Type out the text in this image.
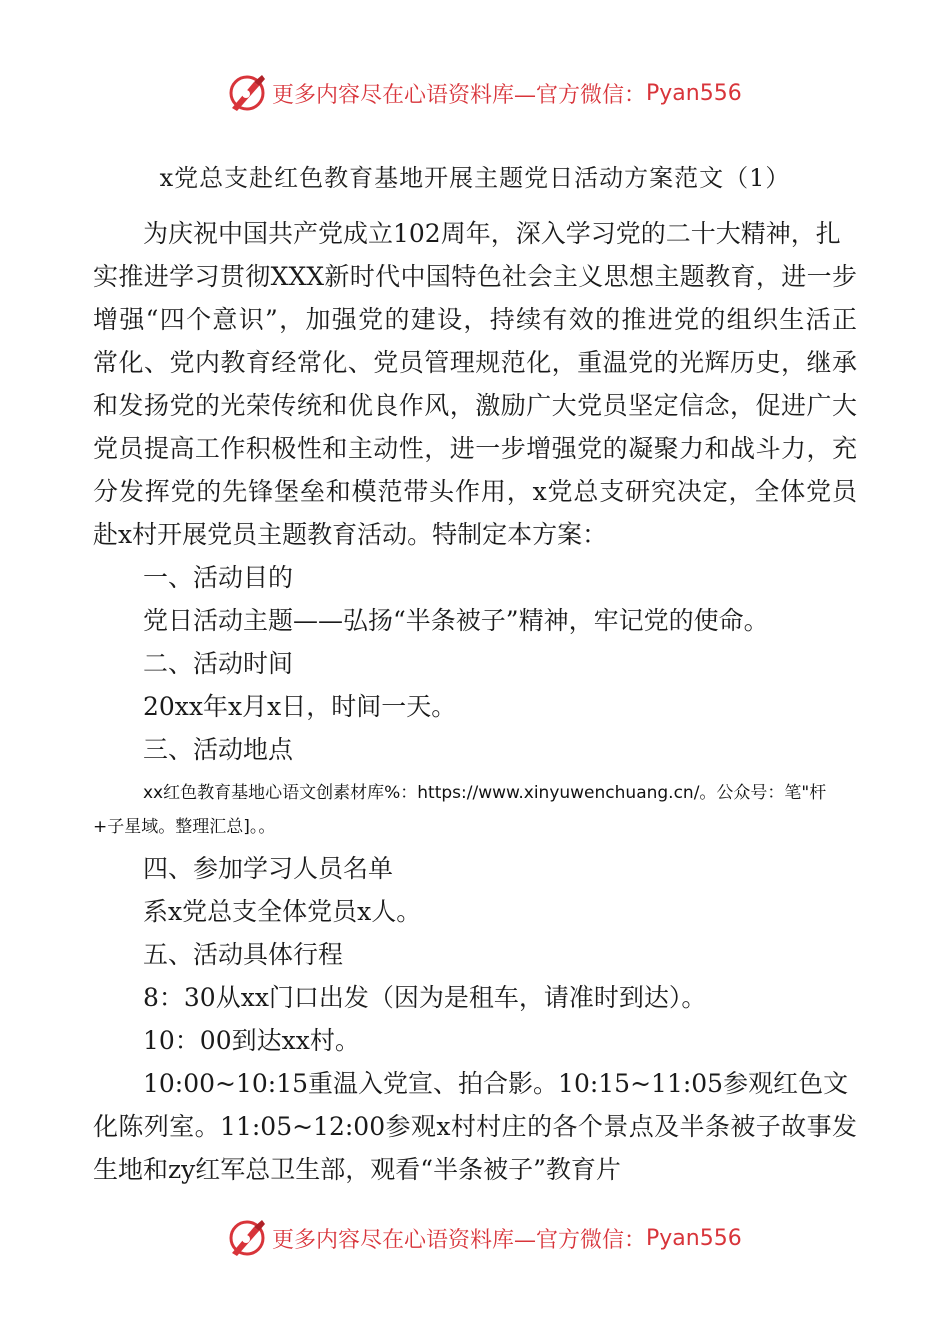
更多内容尽在心语资料库—官方微信： Pyan556
x党总支赴红色教育基地开展主题党日活动方案范文（1）
为庆祝中国共产党成立102周年，深入学习党的二十大精神，扎
实推进学习贯彻XXX新时代中国特色社会主义思想主题教育，进一步
增强“四个意识”，加强党的建设，持续有效的推进党的组织生活正
常化、党内教育经常化、党员管理规范化，重温党的光辉历史，继承
和发扬党的光荣传统和优良作风，激励广大党员坚定信念，促进广大
党员提高工作积极性和主动性，进一步增强党的凝聚力和战斗力，充
分发挥党的先锋堡垒和模范带头作用，x党总支研究决定，全体党员
赴x村开展党员主题教育活动。特制定本方案：
一、活动目的
党日活动主题——弘扬“半条被子”精神，牢记党的使命。
二、活动时间
20xx年x月x日，时间一天。
三、活动地点
xx红色教育基地心语文创素材库%：https://www.xinyuwenchuang.cn/。公众号：笔"杆
+子星域。整理汇总]。。
四、参加学习人员名单
系x党总支全体党员x人。
五、活动具体行程
8：30从xx门口出发（因为是租车，请准时到达）。
10：00到达xx村。
10:00~10:15重温入党宣、拍合影。10:15~11:05参观红色文
化陈列室。11:05~12:00参观x村村庄的各个景点及半条被子故事发
生地和zy红军总卫生部，观看“半条被子”教育片
更多内容尽在心语资料库—官方微信： Pyan556
